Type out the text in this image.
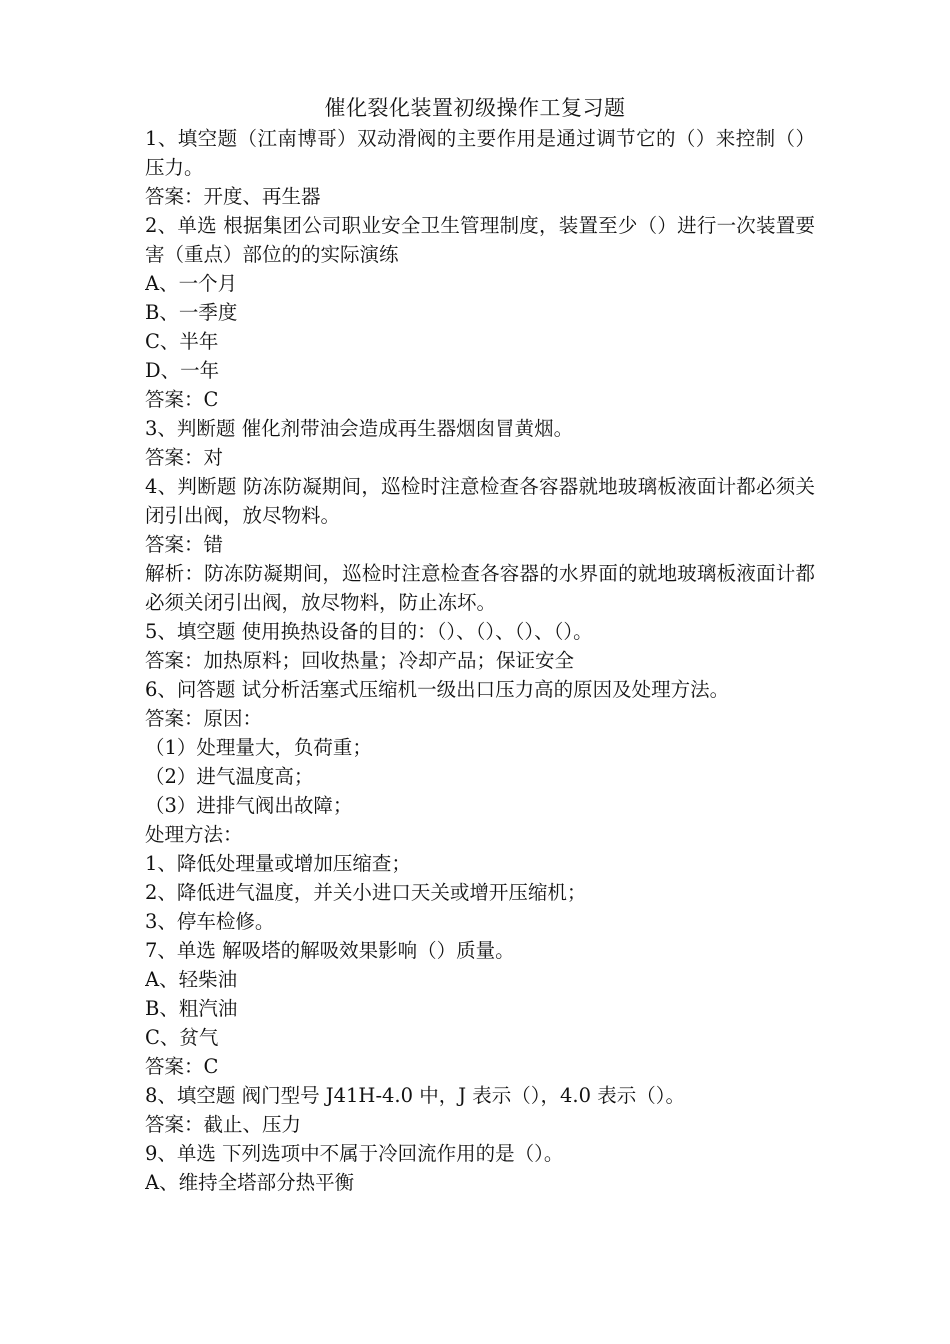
催化裂化装置初级操作工复习题
1、填空题（江南博哥）双动滑阀的主要作用是通过调节它的（）来控制（）压力。
答案：开度、再生器
2、单选 根据集团公司职业安全卫生管理制度，装置至少（）进行一次装置要害（重点）部位的的实际演练
A、一个月
B、一季度
C、半年
D、一年
答案：C
3、判断题 催化剂带油会造成再生器烟囱冒黄烟。
答案：对
4、判断题 防冻防凝期间，巡检时注意检查各容器就地玻璃板液面计都必须关闭引出阀，放尽物料。
答案：错
解析：防冻防凝期间，巡检时注意检查各容器的水界面的就地玻璃板液面计都必须关闭引出阀，放尽物料，防止冻坏。
5、填空题 使用换热设备的目的：（）、（）、（）、（）。
答案：加热原料；回收热量；冷却产品；保证安全
6、问答题 试分析活塞式压缩机一级出口压力高的原因及处理方法。
答案：原因：
（1）处理量大，负荷重；
（2）进气温度高；
（3）进排气阀出故障；
处理方法：
1、降低处理量或增加压缩查；
2、降低进气温度，并关小进口天关或增开压缩机；
3、停车检修。
7、单选 解吸塔的解吸效果影响（）质量。
A、轻柴油
B、粗汽油
C、贫气
答案：C
8、填空题 阀门型号 J41H-4.0 中，J 表示（），4.0 表示（）。
答案：截止、压力
9、单选 下列选项中不属于冷回流作用的是（）。
A、维持全塔部分热平衡
